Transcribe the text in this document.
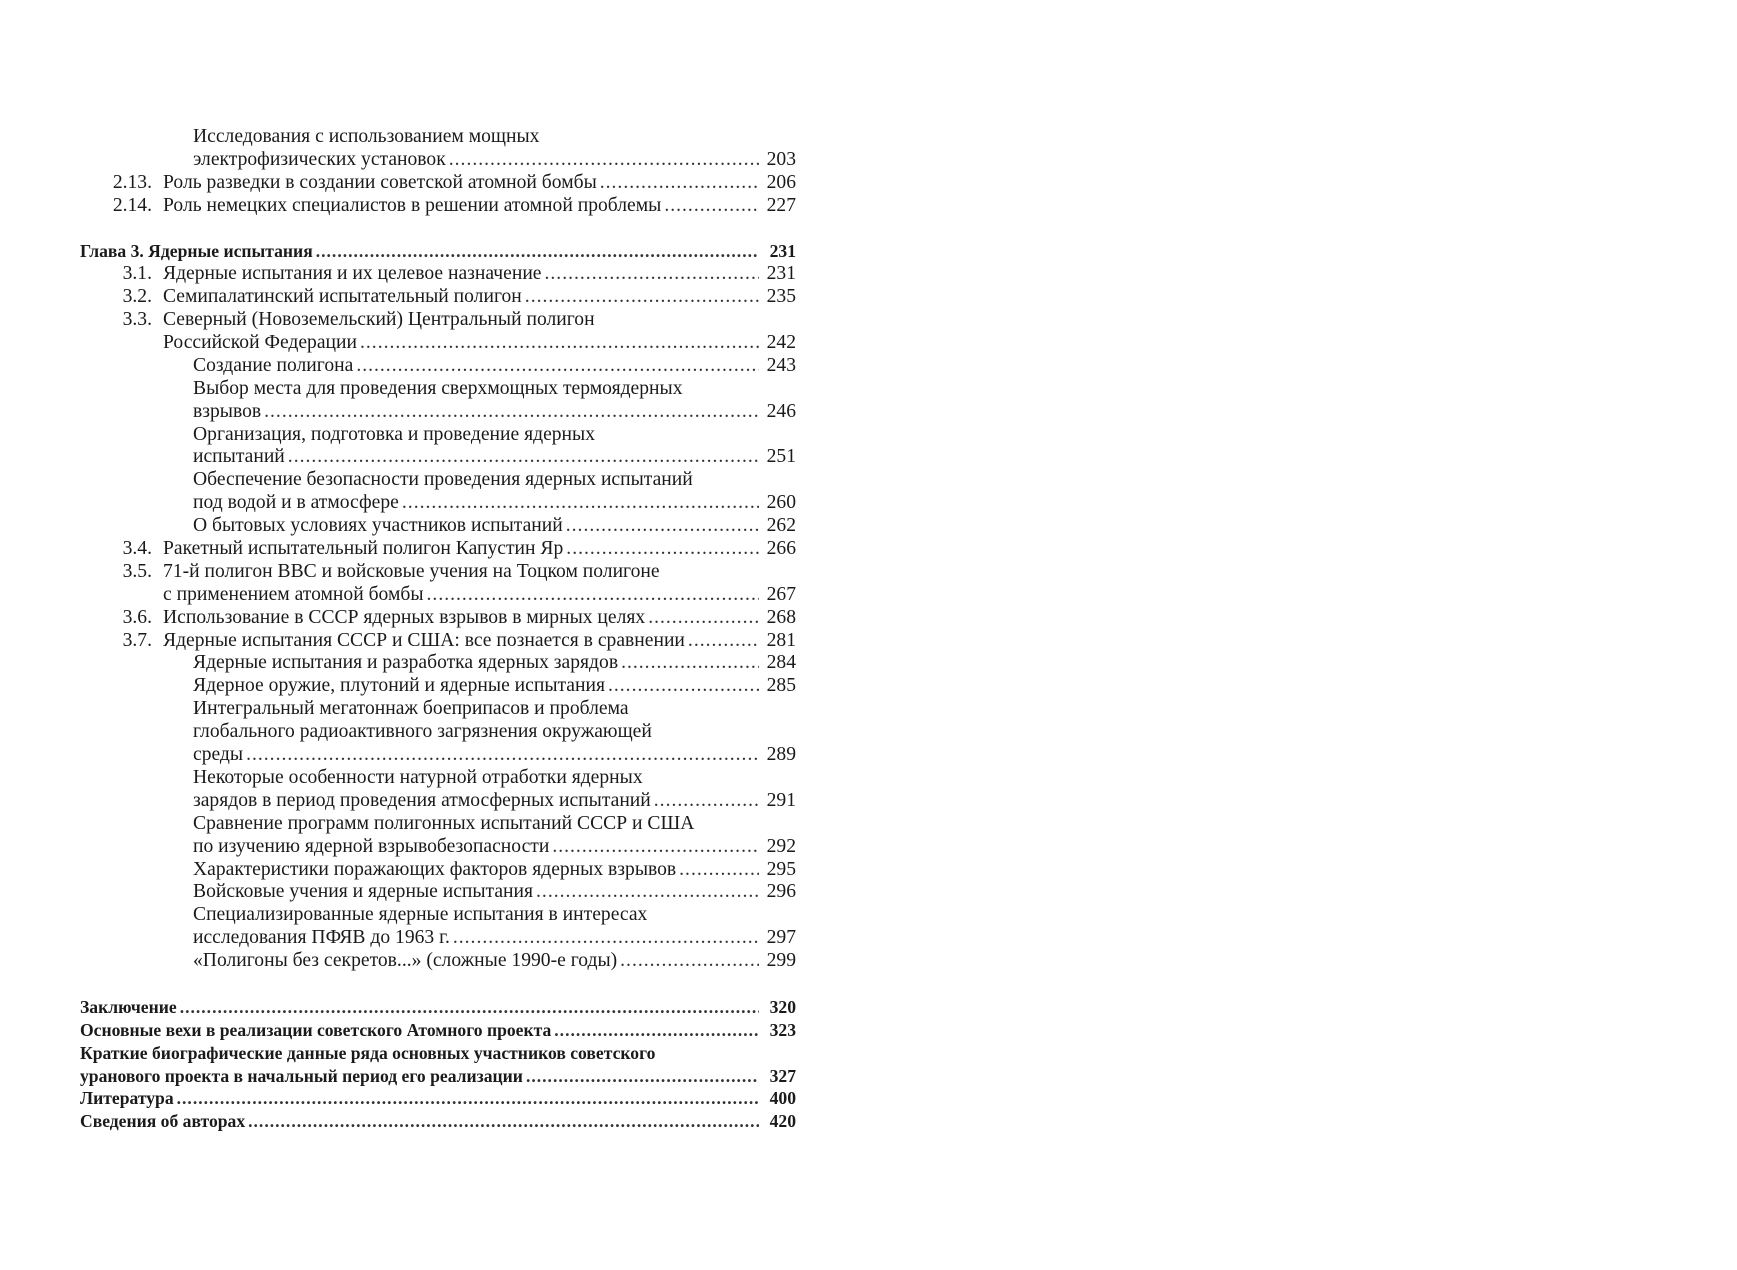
Исследования с использованием мощных
электрофизических установок .....	203
2.13. Роль разведки в создании советской атомной бомбы .....	206
2.14. Роль немецких специалистов в решении атомной проблемы .....	227
Глава 3. Ядерные испытания .....	231
3.1. Ядерные испытания и их целевое назначение .....	231
3.2. Семипалатинский испытательный полигон .....	235
3.3. Северный (Новоземельский) Центральный полигон
Российской Федерации .....	242
Создание полигона .....	243
Выбор места для проведения сверхмощных термоядерных
взрывов .....	246
Организация, подготовка и проведение ядерных
испытаний .....	251
Обеспечение безопасности проведения ядерных испытаний
под водой и в атмосфере .....	260
О бытовых условиях участников испытаний .....	262
3.4. Ракетный испытательный полигон Капустин Яр .....	266
3.5. 71-й полигон ВВС и войсковые учения на Тоцком полигоне
с применением атомной бомбы .....	267
3.6. Использование в СССР ядерных взрывов в мирных целях .....	268
3.7. Ядерные испытания СССР и США: все познается в сравнении .....	281
Ядерные испытания и разработка ядерных зарядов .....	284
Ядерное оружие, плутоний и ядерные испытания .....	285
Интегральный мегатоннаж боеприпасов и проблема
глобального радиоактивного загрязнения окружающей
среды .....	289
Некоторые особенности натурной отработки ядерных
зарядов в период проведения атмосферных испытаний .....	291
Сравнение программ полигонных испытаний СССР и США
по изучению ядерной взрывобезопасности .....	292
Характеристики поражающих факторов ядерных взрывов .....	295
Войсковые учения и ядерные испытания .....	296
Специализированные ядерные испытания в интересах
исследования ПФЯВ до 1963 г. .....	297
«Полигоны без секретов...» (сложные 1990-е годы) .....	299
Заключение .....	320
Основные вехи в реализации советского Атомного проекта .....	323
Краткие биографические данные ряда основных участников советского
уранового проекта в начальный период его реализации .....	327
Литература .....	400
Сведения об авторах .....	420
